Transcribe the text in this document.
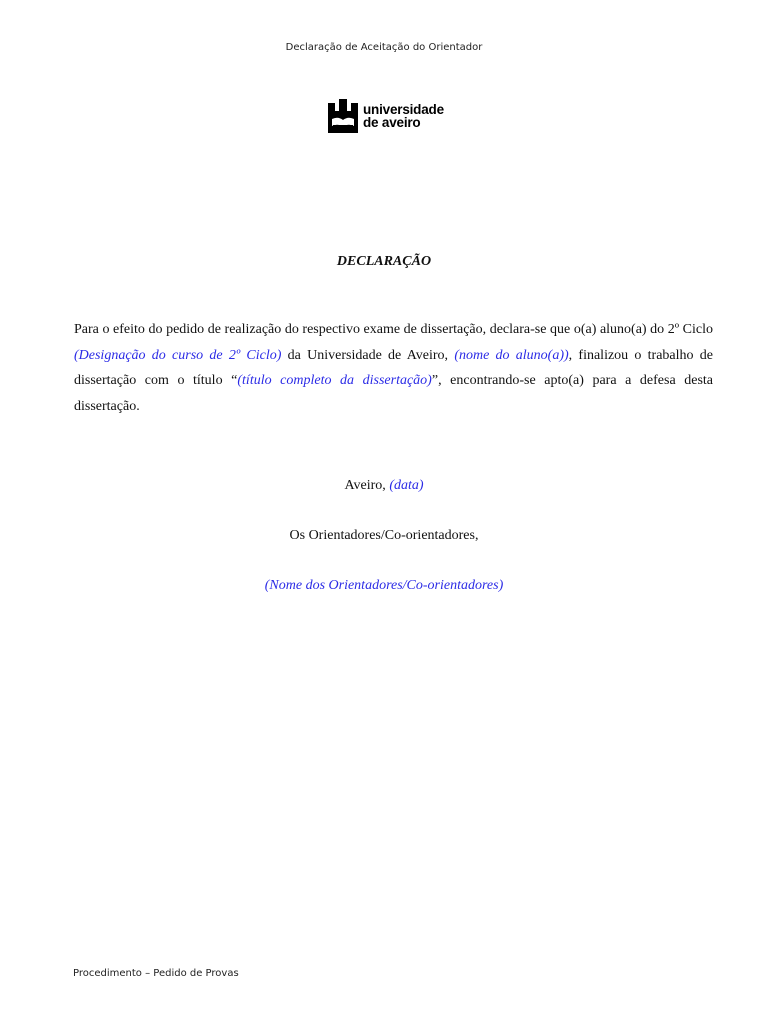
Declaração de Aceitação do Orientador
universidade
de aveiro
DECLARAÇÃO

Para o efeito do pedido de realização do respectivo exame de dissertação, declara-se que o(a) aluno(a) do 2º Ciclo (Designação do curso de 2º Ciclo) da Universidade de Aveiro, (nome do aluno(a)), finalizou o trabalho de dissertação com o título “(título completo da dissertação)”, encontrando-se apto(a) para a defesa desta dissertação.

Aveiro, (data)
Os Orientadores/Co-orientadores,
(Nome dos Orientadores/Co-orientadores)
Procedimento – Pedido de Provas
